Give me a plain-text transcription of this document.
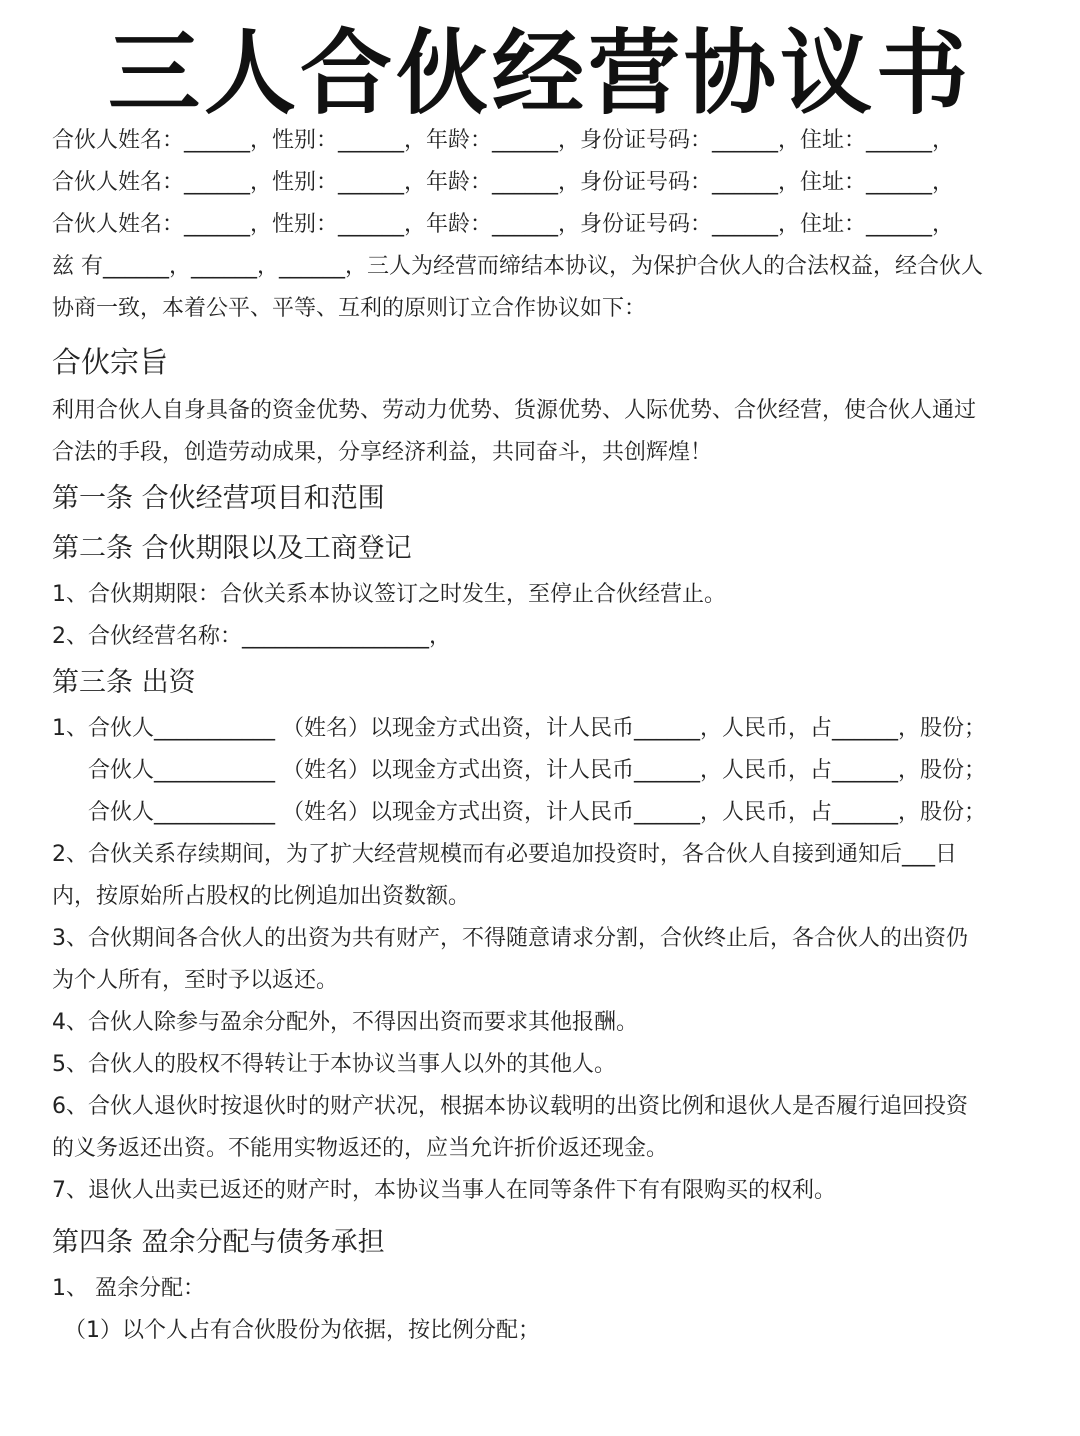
三人合伙经营协议书
合伙人姓名：______，性别：______，年龄：______，身份证号码：______，住址：______，
合伙人姓名：______，性别：______，年龄：______，身份证号码：______，住址：______，
合伙人姓名：______，性别：______，年龄：______，身份证号码：______，住址：______，
兹 有______，______，______，三人为经营而缔结本协议，为保护合伙人的合法权益，经合伙人
协商一致，本着公平、平等、互利的原则订立合作协议如下：
合伙宗旨
利用合伙人自身具备的资金优势、劳动力优势、货源优势、人际优势、合伙经营，使合伙人通过
合法的手段，创造劳动成果，分享经济利益，共同奋斗，共创辉煌！
第一条 合伙经营项目和范围
第二条 合伙期限以及工商登记
1、合伙期期限：合伙关系本协议签订之时发生，至停止合伙经营止。
2、合伙经营名称：_________________，
第三条 出资
1、合伙人___________ （姓名）以现金方式出资，计人民币______，人民币，占______，股份；
合伙人___________ （姓名）以现金方式出资，计人民币______，人民币，占______，股份；
合伙人___________ （姓名）以现金方式出资，计人民币______，人民币，占______，股份；
2、合伙关系存续期间，为了扩大经营规模而有必要追加投资时，各合伙人自接到通知后___日
内，按原始所占股权的比例追加出资数额。
3、合伙期间各合伙人的出资为共有财产，不得随意请求分割，合伙终止后，各合伙人的出资仍
为个人所有，至时予以返还。
4、合伙人除参与盈余分配外，不得因出资而要求其他报酬。
5、合伙人的股权不得转让于本协议当事人以外的其他人。
6、合伙人退伙时按退伙时的财产状况，根据本协议载明的出资比例和退伙人是否履行追回投资
的义务返还出资。不能用实物返还的，应当允许折价返还现金。
7、退伙人出卖已返还的财产时，本协议当事人在同等条件下有有限购买的权利。
第四条 盈余分配与债务承担
1、 盈余分配：
（1）以个人占有合伙股份为依据，按比例分配；
